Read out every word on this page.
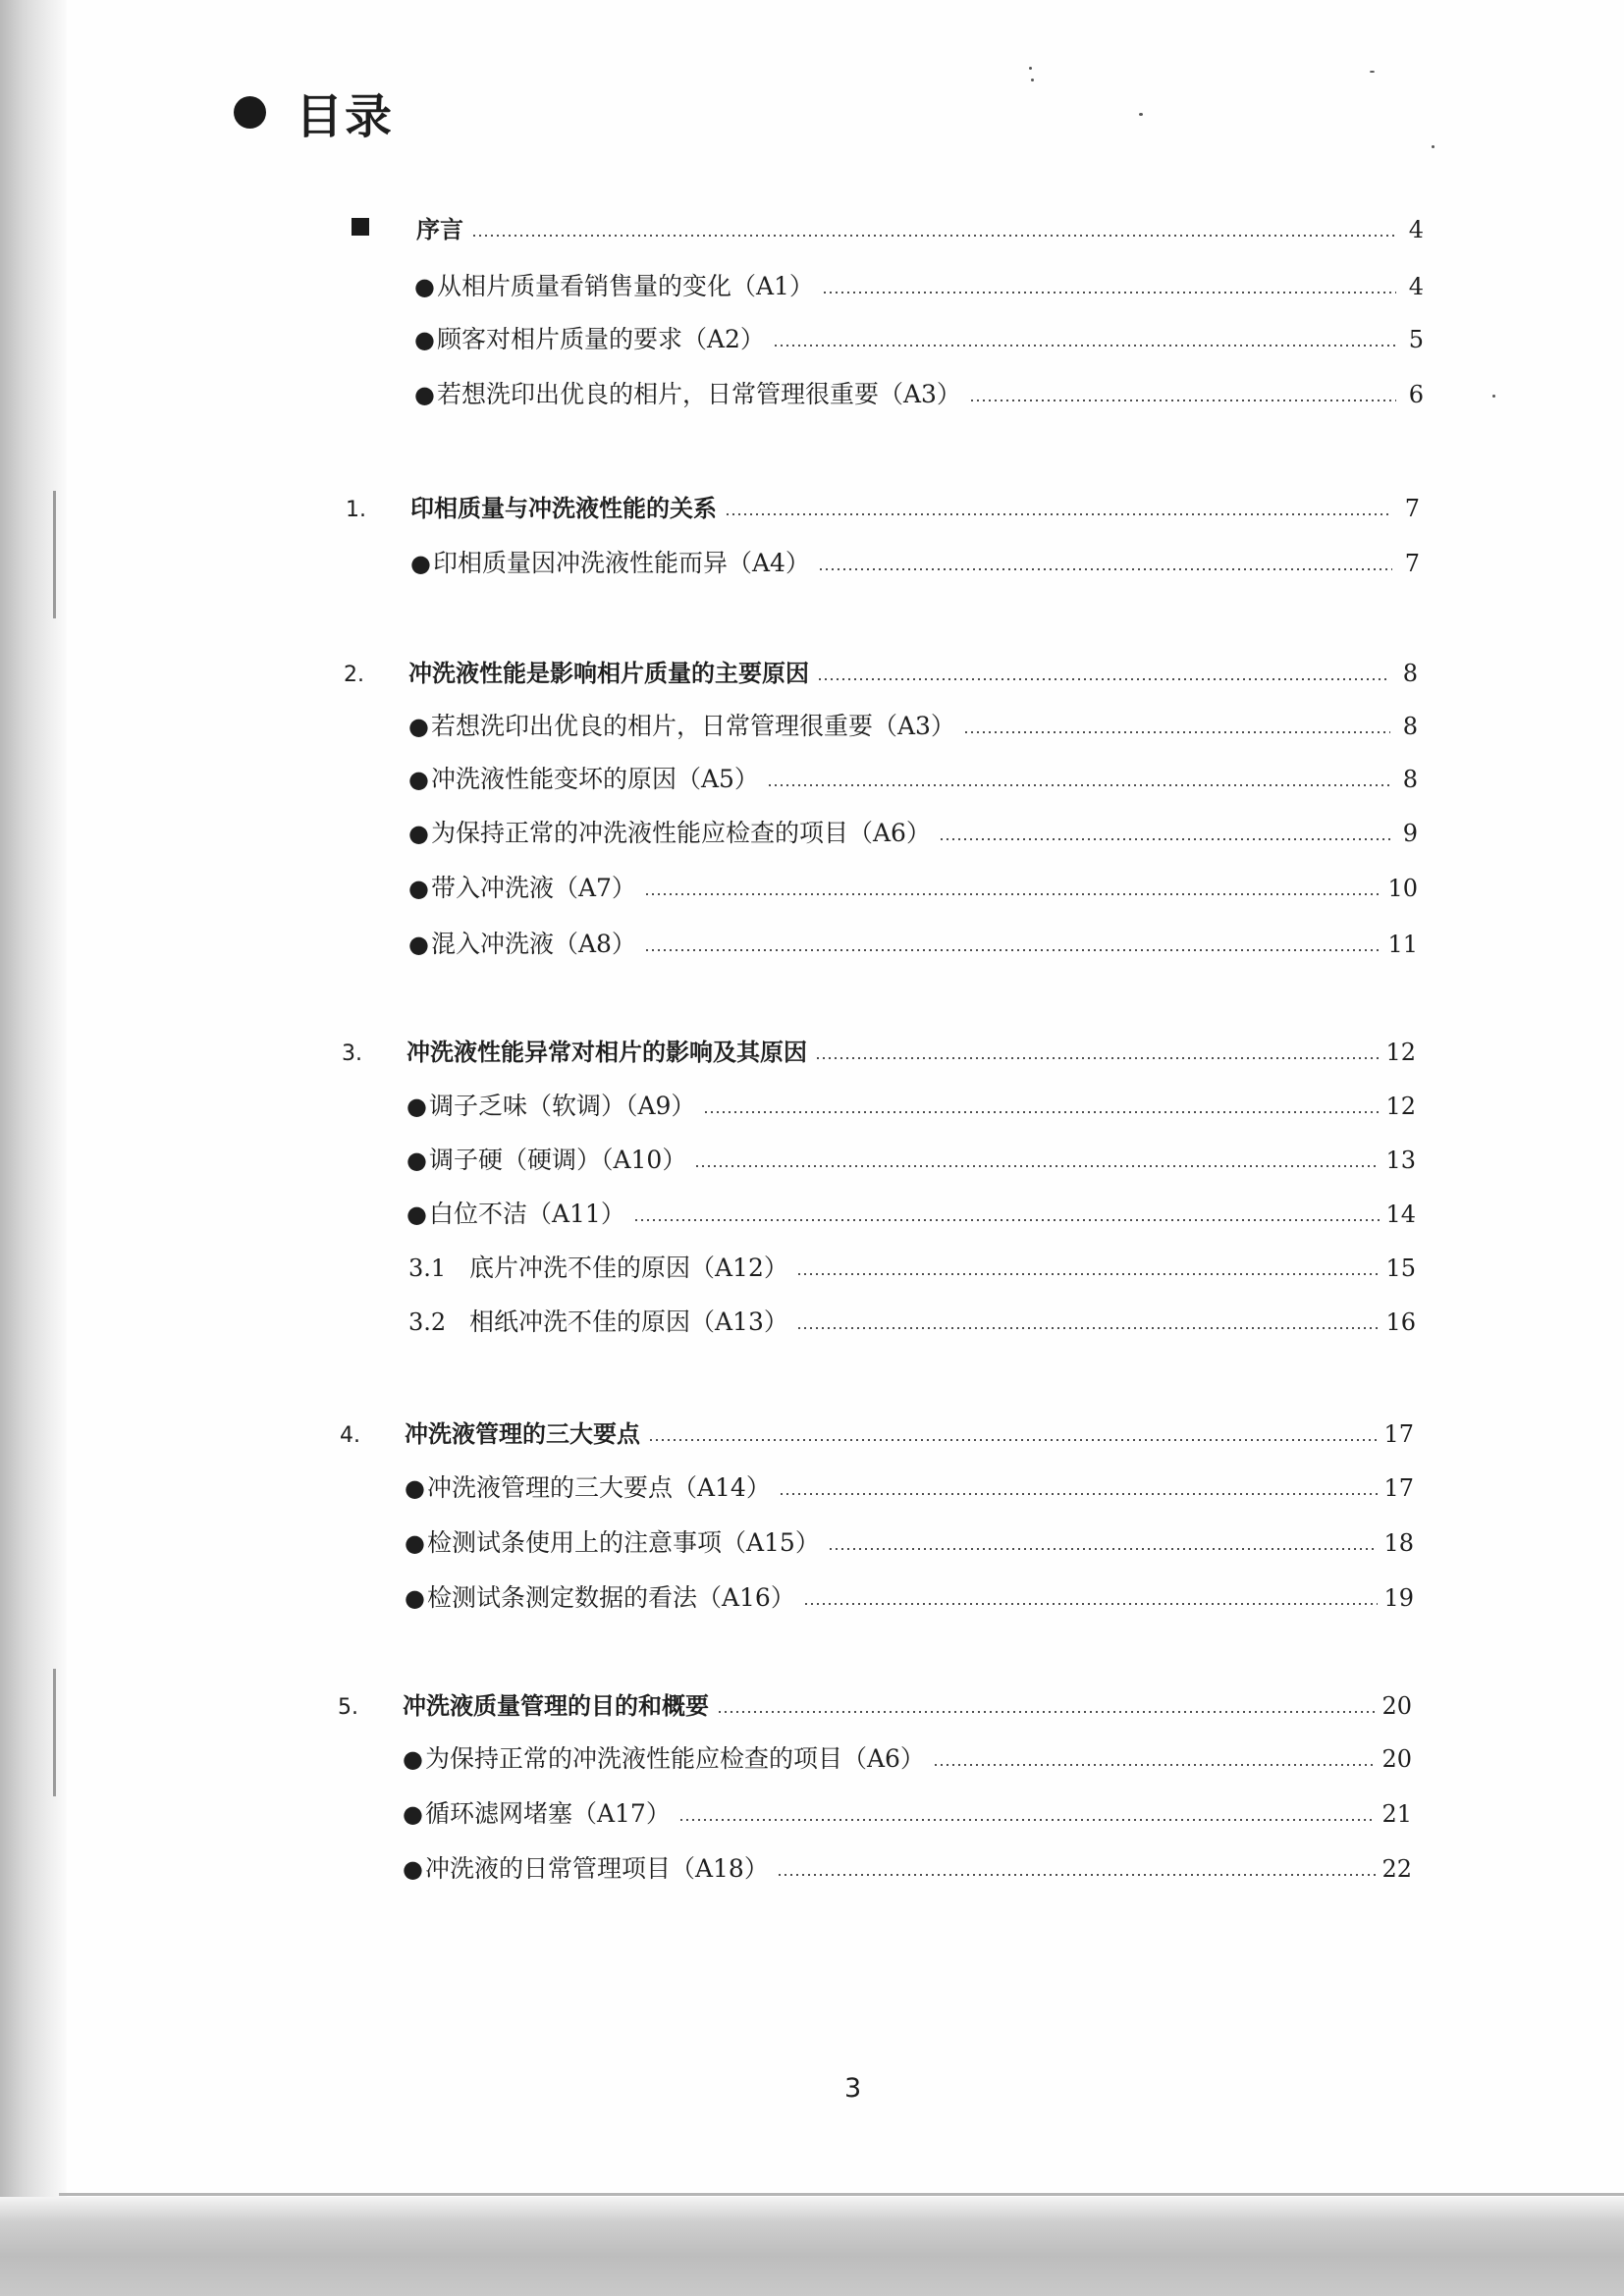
目录
序言	4
● 从相片质量看销售量的变化（A1）	4
● 顾客对相片质量的要求（A2）	5
● 若想洗印出优良的相片，日常管理很重要（A3）	6
1.	印相质量与冲洗液性能的关系	7
● 印相质量因冲洗液性能而异（A4）	7
2.	冲洗液性能是影响相片质量的主要原因	8
● 若想洗印出优良的相片，日常管理很重要（A3）	8
● 冲洗液性能变坏的原因（A5）	8
● 为保持正常的冲洗液性能应检查的项目（A6）	9
● 带入冲洗液（A7）	10
● 混入冲洗液（A8）	11
3.	冲洗液性能异常对相片的影响及其原因	12
● 调子乏味（软调）（A9）	12
● 调子硬（硬调）（A10）	13
● 白位不洁（A11）	14
3.1 底片冲洗不佳的原因（A12）	15
3.2 相纸冲洗不佳的原因（A13）	16
4.	冲洗液管理的三大要点	17
● 冲洗液管理的三大要点（A14）	17
● 检测试条使用上的注意事项（A15）	18
● 检测试条测定数据的看法（A16）	19
5.	冲洗液质量管理的目的和概要	20
● 为保持正常的冲洗液性能应检查的项目（A6）	20
● 循环滤网堵塞（A17）	21
● 冲洗液的日常管理项目（A18）	22
3
